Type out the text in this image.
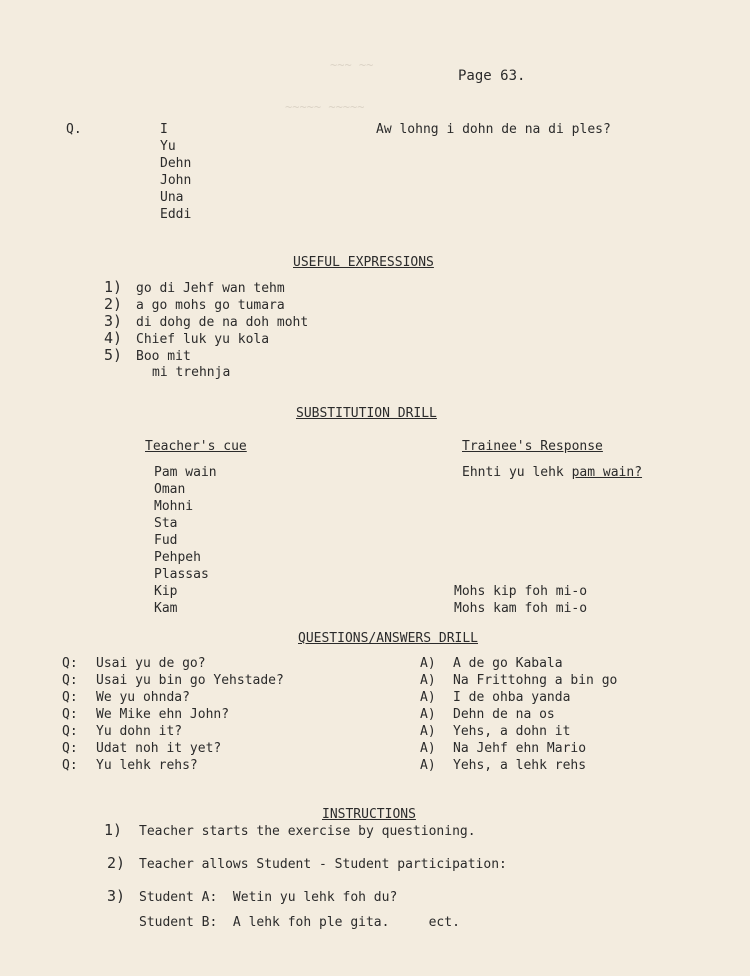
~~~ ~~
~~~~~ ~~~~~
Page 63.
Q.	I
Yu
Dehn
John
Una
Eddi
Aw lohng i dohn de na di ples?
USEFUL EXPRESSIONS
1) go di Jehf wan tehm
2) a go mohs go tumara
3) di dohg de na doh moht
4) Chief luk yu kola
5) Boo mit
mi trehnja
SUBSTITUTION DRILL
Teacher's cue	Trainee's Response
Pam wain
Oman
Mohni
Sta
Fud
Pehpeh
Plassas
Kip
Kam
Ehnti yu lehk pam wain?
Mohs kip foh mi-o
Mohs kam foh mi-o
QUESTIONS/ANSWERS DRILL
Q: Usai yu de go?
Q: Usai yu bin go Yehstade?
Q: We yu ohnda?
Q: We Mike ehn John?
Q: Yu dohn it?
Q: Udat noh it yet?
Q: Yu lehk rehs?
A) A de go Kabala
A) Na Frittohng a bin go
A) I de ohba yanda
A) Dehn de na os
A) Yehs, a dohn it
A) Na Jehf ehn Mario
A) Yehs, a lehk rehs
INSTRUCTIONS
1) Teacher starts the exercise by questioning.
2) Teacher allows Student - Student participation:
3) Student A:  Wetin yu lehk foh du?
Student B:  A lehk foh ple gita.     ect.
